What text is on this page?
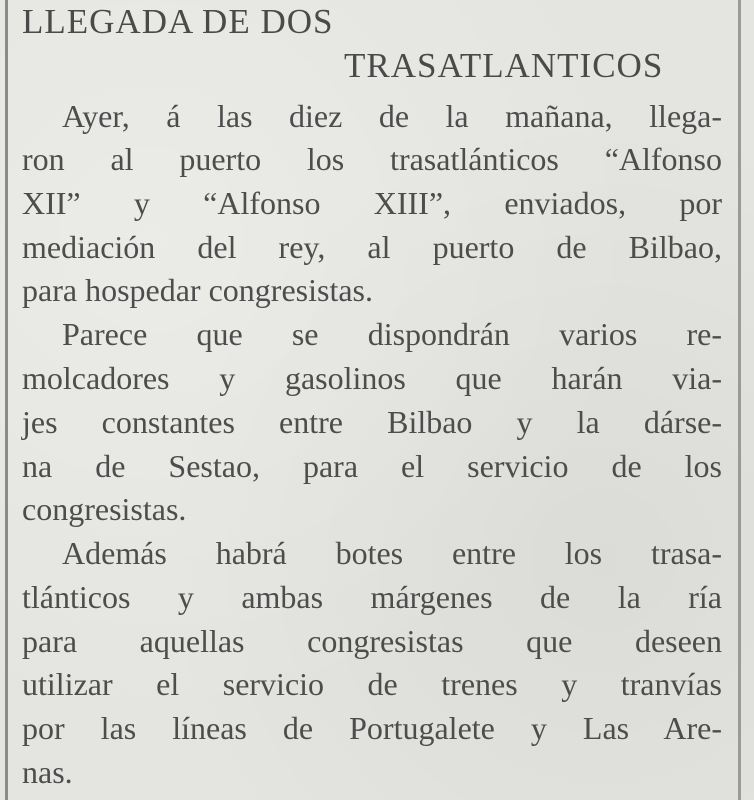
LLEGADA DE DOS
TRASATLANTICOS
Ayer, á las diez de la mañana, llega-
ron al puerto los trasatlánticos “Alfonso
XII” y “Alfonso XIII”, enviados, por
mediación del rey, al puerto de Bilbao,
para hospedar congresistas.
Parece que se dispondrán varios re-
molcadores y gasolinos que harán via-
jes constantes entre Bilbao y la dárse-
na de Sestao, para el servicio de los
congresistas.
Además habrá botes entre los trasa-
tlánticos y ambas márgenes de la ría
para aquellas congresistas que deseen
utilizar el servicio de trenes y tranvías
por las líneas de Portugalete y Las Are-
nas.
